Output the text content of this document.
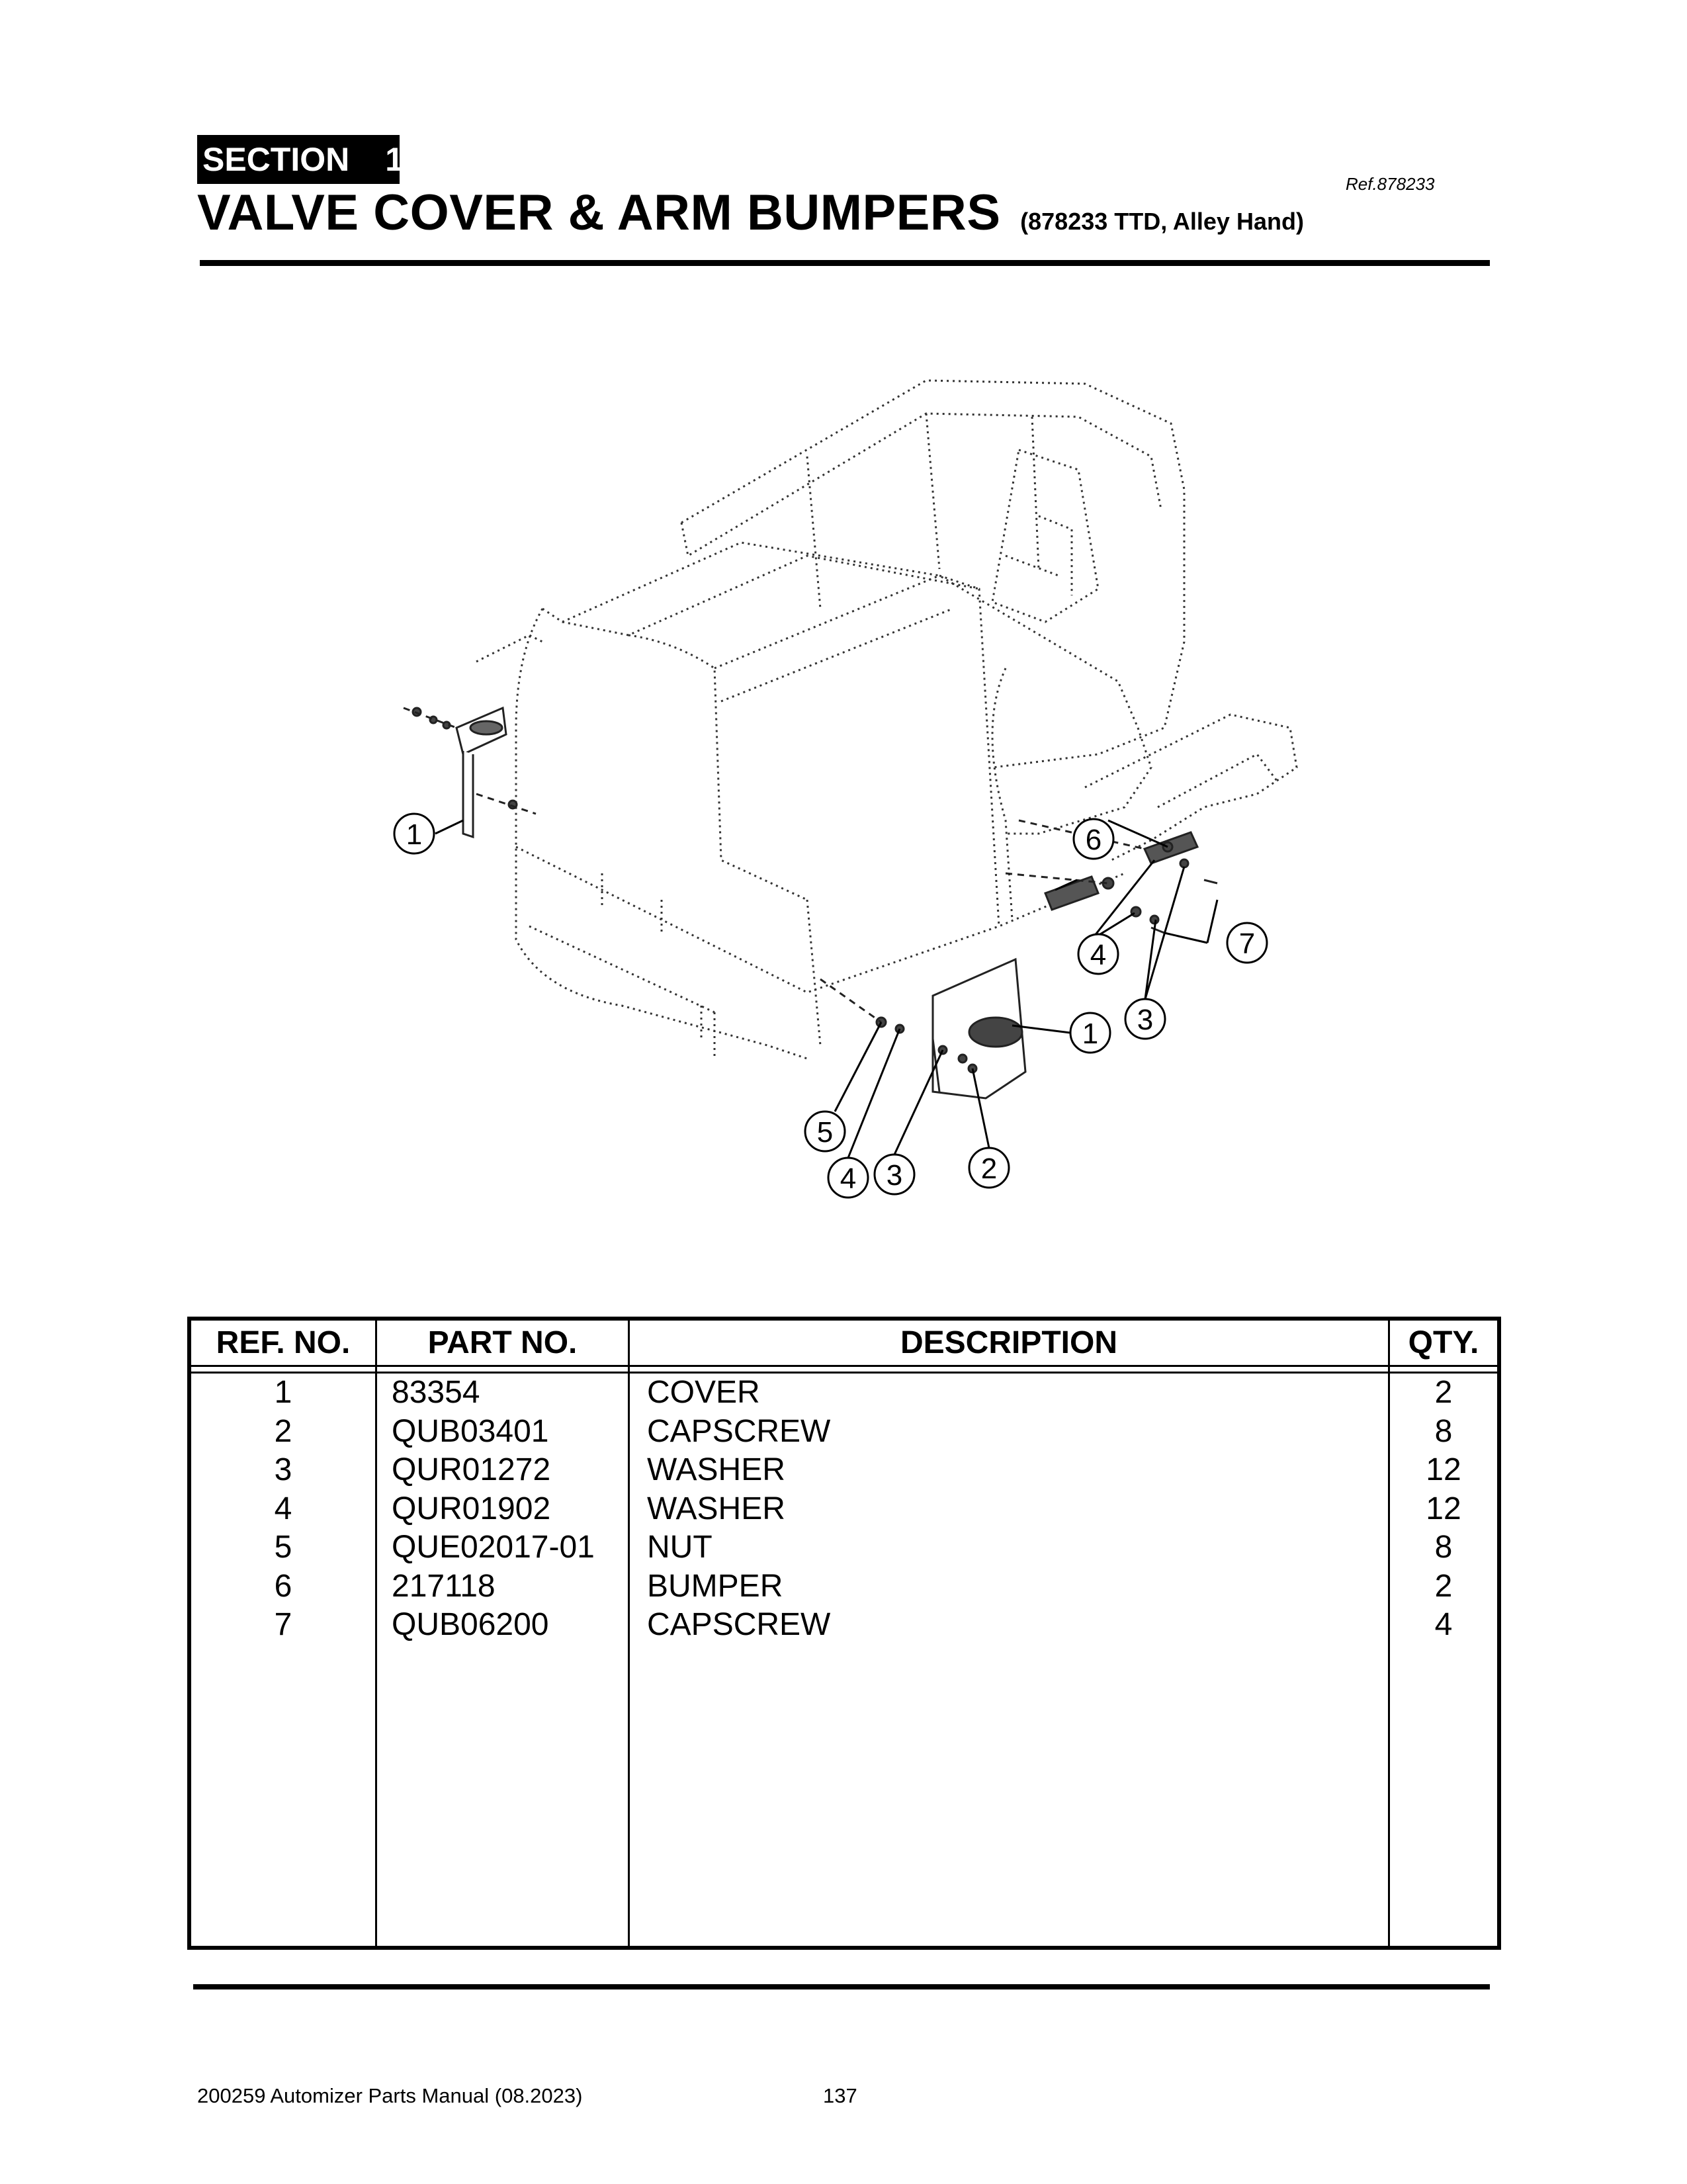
SECTION 1
Ref.878233
VALVE COVER & ARM BUMPERS (878233 TTD, Alley Hand)
1	6
4	7
3
1
5
4 3	2
REF. NO.	PART NO.	DESCRIPTION	QTY.
1	83354	COVER	2
2	QUB03401	CAPSCREW	8
3	QUR01272	WASHER	12
4	QUR01902	WASHER	12
5	QUE02017-01 NUT	8
6	217118	BUMPER	2
7	QUB06200	CAPSCREW	4
200259 Automizer Parts Manual (08.2023)	137
